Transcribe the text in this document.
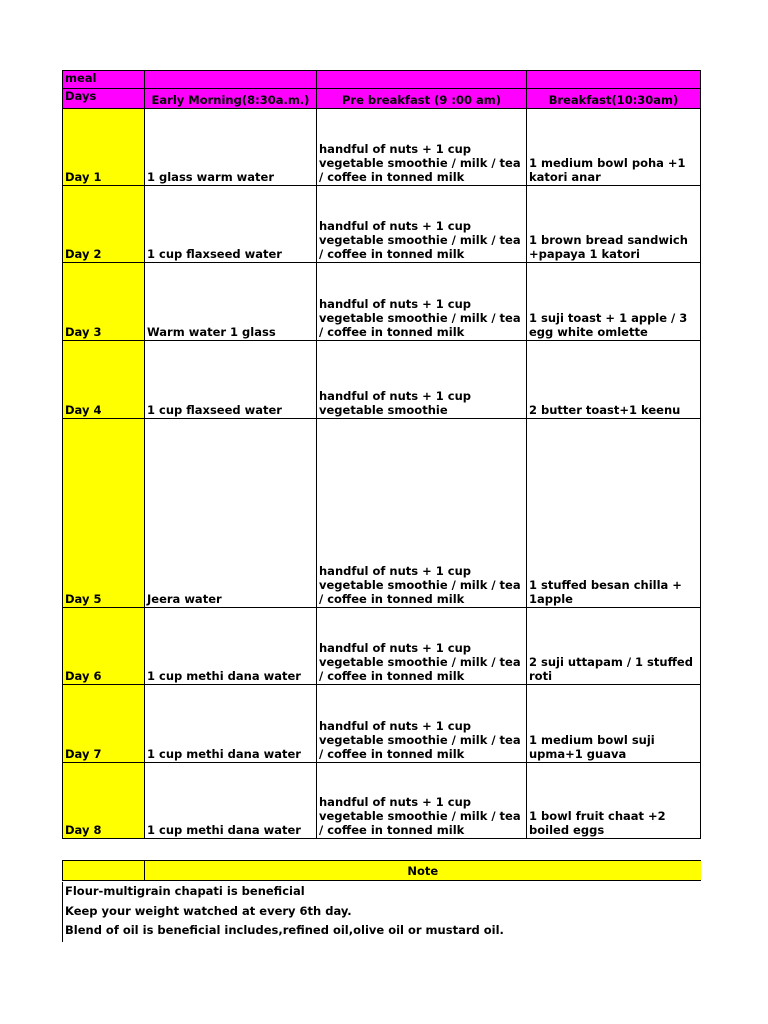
meal			
Days	Early Morning(8:30a.m.)	Pre breakfast (9 :00 am)	Breakfast(10:30am)
Day 1	1 glass warm water	handful of nuts + 1 cup vegetable smoothie / milk / tea / coffee in tonned milk	1 medium bowl poha +1 katori anar
Day 2	1 cup flaxseed water	handful of nuts + 1 cup vegetable smoothie / milk / tea / coffee in tonned milk	1 brown bread sandwich +papaya 1 katori
Day 3	Warm water 1 glass	handful of nuts + 1 cup vegetable smoothie / milk / tea / coffee in tonned milk	1 suji toast + 1 apple / 3 egg white omlette
Day 4	1 cup flaxseed water	handful of nuts + 1 cup vegetable smoothie	2 butter toast+1 keenu
Day 5	Jeera water	handful of nuts + 1 cup vegetable smoothie / milk / tea / coffee in tonned milk	1 stuffed besan chilla + 1apple
Day 6	1 cup methi dana water	handful of nuts + 1 cup vegetable smoothie / milk / tea / coffee in tonned milk	2 suji uttapam / 1 stuffed roti
Day 7	1 cup methi dana water	handful of nuts + 1 cup vegetable smoothie / milk / tea / coffee in tonned milk	1 medium bowl suji upma+1 guava
Day 8	1 cup methi dana water	handful of nuts + 1 cup vegetable smoothie / milk / tea / coffee in tonned milk	1 bowl fruit chaat +2 boiled eggs
	Note
Flour-multigrain chapati is beneficial
Keep your weight watched at every 6th day.
Blend of oil is beneficial includes,refined oil,olive oil or mustard oil.
